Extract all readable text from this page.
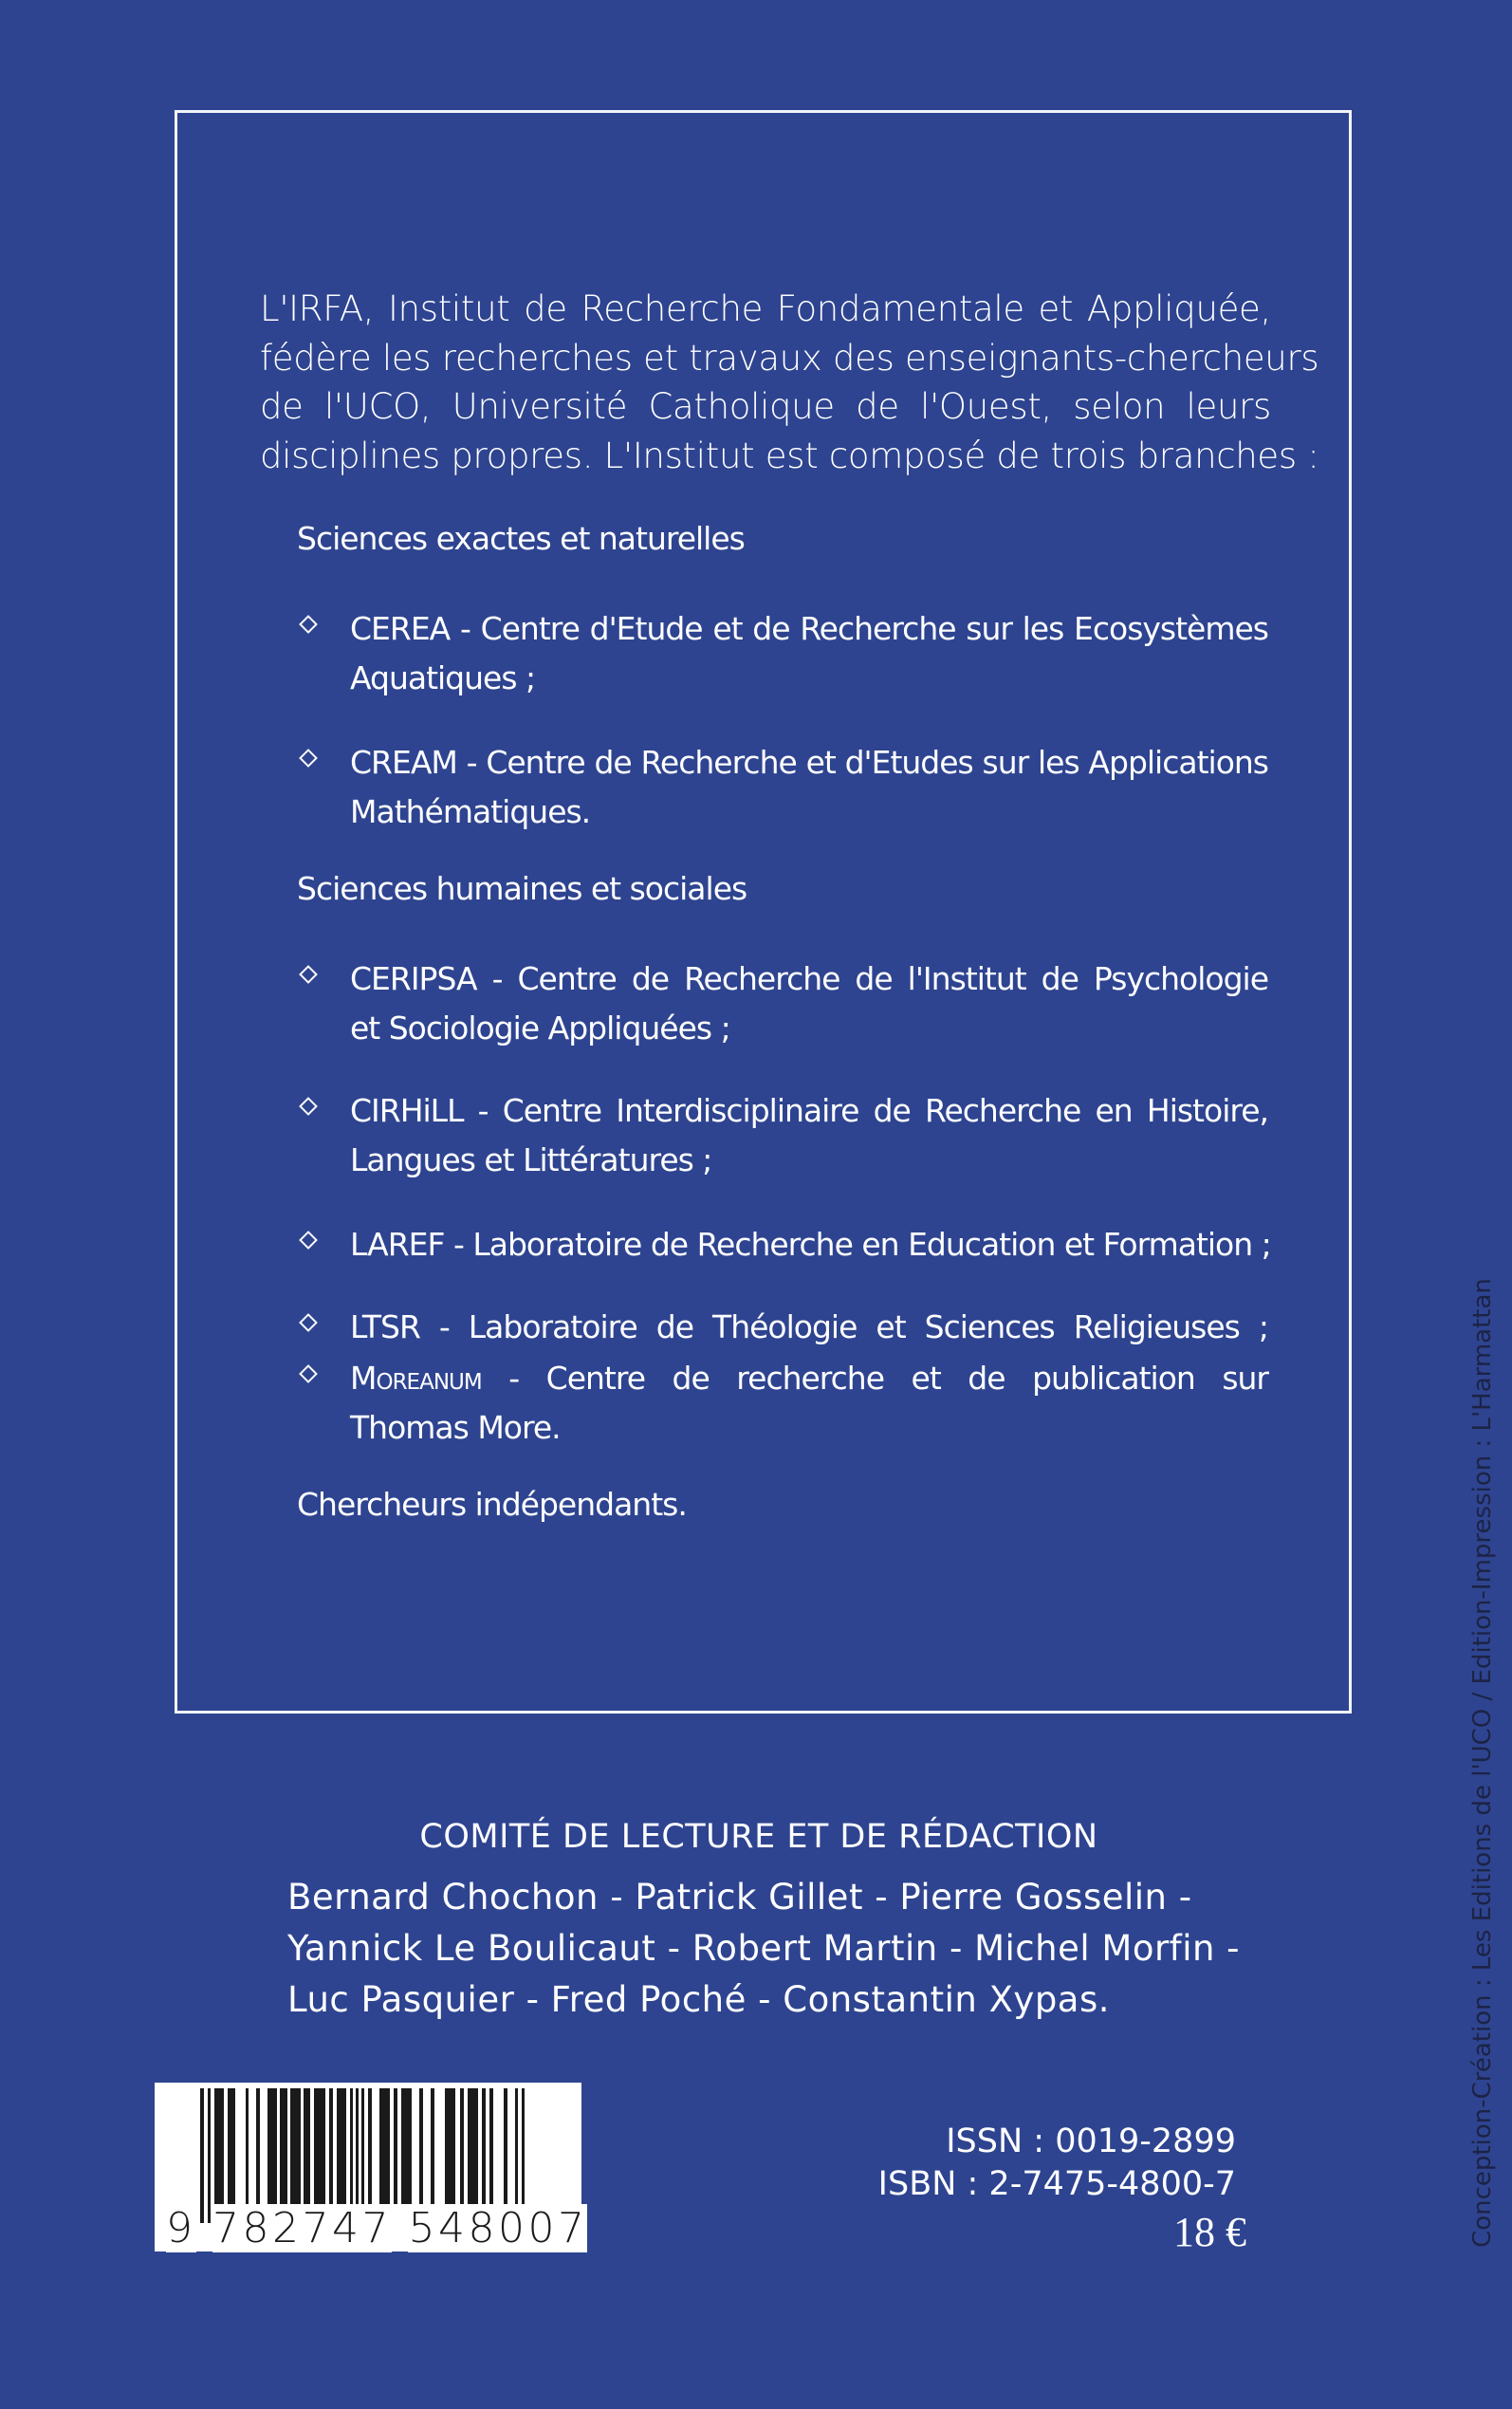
L'IRFA, Institut de Recherche Fondamentale et Appliquée,
fédère les recherches et travaux des enseignants-chercheurs
de l'UCO, Université Catholique de l'Ouest, selon leurs
disciplines propres. L'Institut est composé de trois branches :
Sciences exactes et naturelles
CEREA - Centre d'Etude et de Recherche sur les Ecosystèmes
Aquatiques ;
CREAM - Centre de Recherche et d'Etudes sur les Applications
Mathématiques.
Sciences humaines et sociales
CERIPSA - Centre de Recherche de l'Institut de Psychologie
et Sociologie Appliquées ;
CIRHiLL - Centre Interdisciplinaire de Recherche en Histoire,
Langues et Littératures ;
LAREF - Laboratoire de Recherche en Education et Formation ;
LTSR - Laboratoire de Théologie et Sciences Religieuses ;
Moreanum - Centre de recherche et de publication sur
Thomas More.
Chercheurs indépendants.
COMITÉ DE LECTURE ET DE RÉDACTION
Bernard Chochon - Patrick Gillet - Pierre Gosselin -
Yannick Le Boulicaut - Robert Martin - Michel Morfin -
Luc Pasquier - Fred Poché - Constantin Xypas.
9 782747 548007
ISSN : 0019-2899
ISBN : 2-7475-4800-7
18 €	Conception-Création : Les Editions de l'UCO / Edition-Impression : L'Harmattan
